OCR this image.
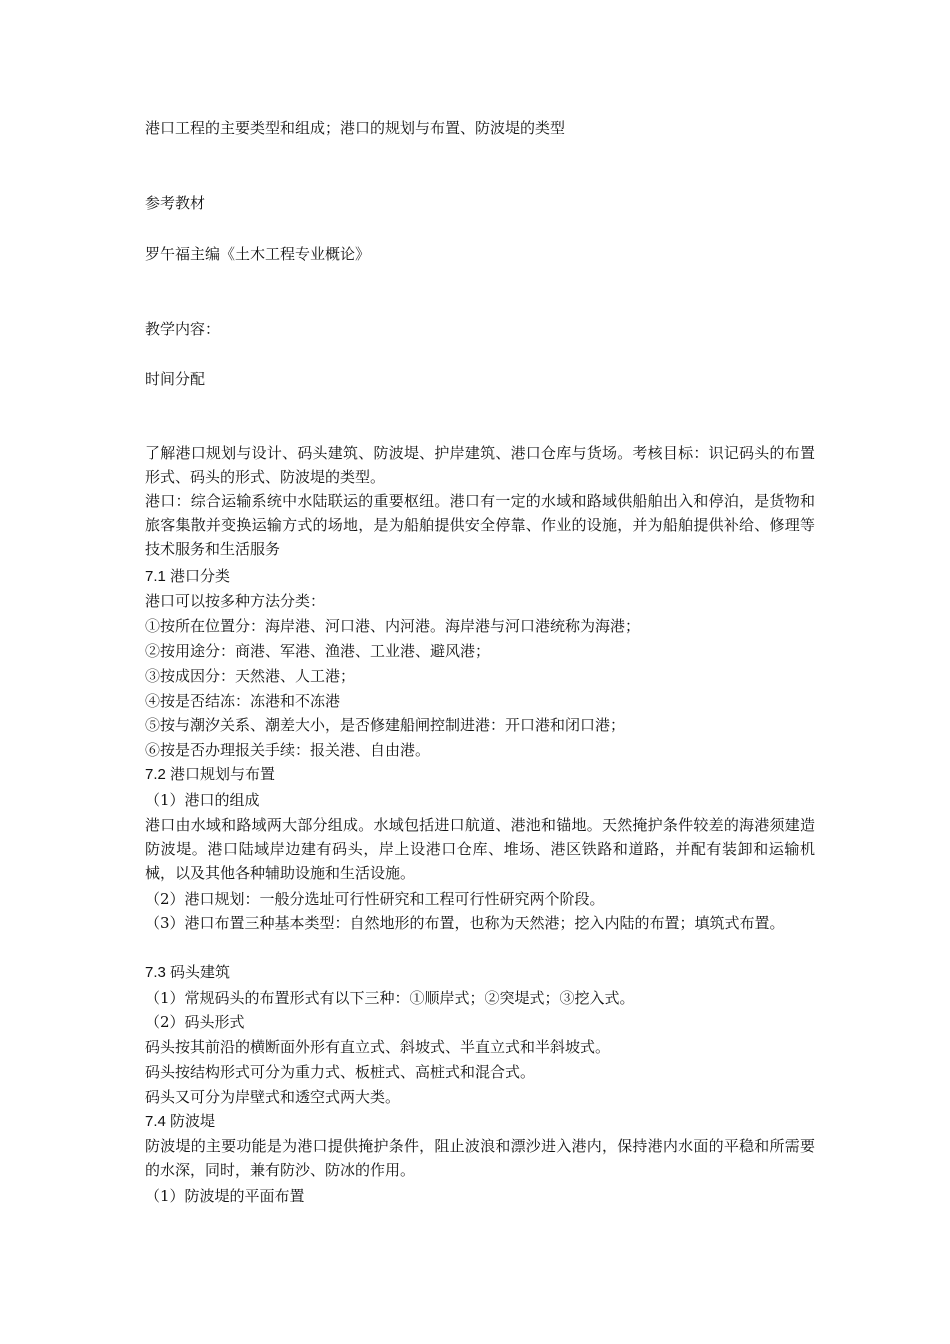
港口工程的主要类型和组成；港口的规划与布置、防波堤的类型
参考教材
罗午福主编《土木工程专业概论》
教学内容：
时间分配
了解港口规划与设计、码头建筑、防波堤、护岸建筑、港口仓库与货场。考核目标：识记码头的布置形式、码头的形式、防波堤的类型。
港口：综合运输系统中水陆联运的重要枢纽。港口有一定的水域和路域供船舶出入和停泊，是货物和旅客集散并变换运输方式的场地，是为船舶提供安全停靠、作业的设施，并为船舶提供补给、修理等技术服务和生活服务
7.1 港口分类
港口可以按多种方法分类：
①按所在位置分：海岸港、河口港、内河港。海岸港与河口港统称为海港；
②按用途分：商港、军港、渔港、工业港、避风港；
③按成因分：天然港、人工港；
④按是否结冻：冻港和不冻港
⑤按与潮汐关系、潮差大小，是否修建船闸控制进港：开口港和闭口港；
⑥按是否办理报关手续：报关港、自由港。
7.2 港口规划与布置
（1）港口的组成
港口由水域和路域两大部分组成。水域包括进口航道、港池和锚地。天然掩护条件较差的海港须建造防波堤。港口陆域岸边建有码头，岸上设港口仓库、堆场、港区铁路和道路，并配有装卸和运输机械，以及其他各种辅助设施和生活设施。
（2）港口规划：一般分选址可行性研究和工程可行性研究两个阶段。
（3）港口布置三种基本类型：自然地形的布置，也称为天然港；挖入内陆的布置；填筑式布置。
7.3 码头建筑
（1）常规码头的布置形式有以下三种：①顺岸式；②突堤式；③挖入式。
（2）码头形式
码头按其前沿的横断面外形有直立式、斜坡式、半直立式和半斜坡式。
码头按结构形式可分为重力式、板桩式、高桩式和混合式。
码头又可分为岸壁式和透空式两大类。
7.4 防波堤
防波堤的主要功能是为港口提供掩护条件，阻止波浪和漂沙进入港内，保持港内水面的平稳和所需要的水深，同时，兼有防沙、防冰的作用。
（1）防波堤的平面布置
